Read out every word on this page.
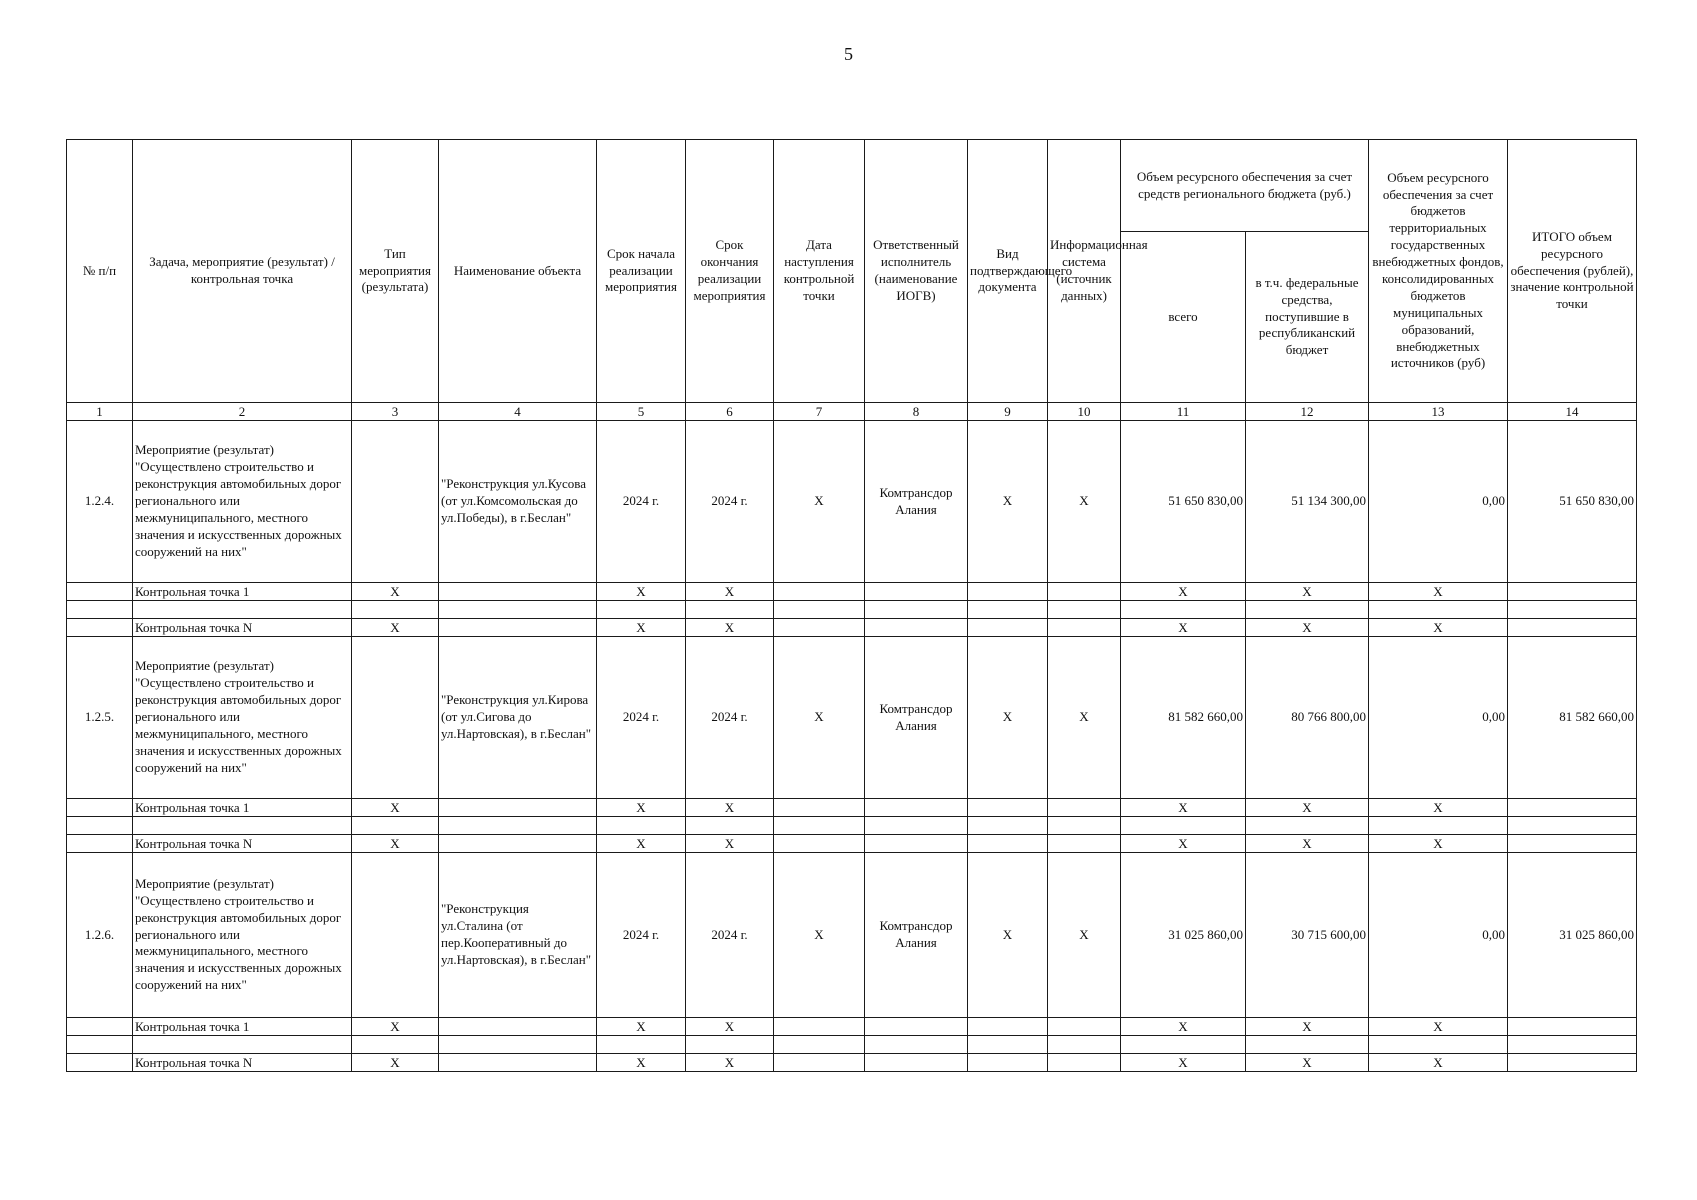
5
№ п/п	Задача, мероприятие (результат) / контрольная точка	Тип мероприятия (результата)	Наименование объекта	Срок начала реализации мероприятия	Срок окончания реализации мероприятия	Дата наступления контрольной точки	Ответственный исполнитель (наименование ИОГВ)	Вид подтверждающего документа	Информационная система (источник данных)	Объем ресурсного обеспечения за счет средств регионального бюджета (руб.)		Объем ресурсного обеспечения за счет бюджетов территориальных государственных внебюджетных фондов, консолидированных бюджетов муниципальных образований, внебюджетных источников (руб)	ИТОГО объем ресурсного обеспечения (рублей), значение контрольной точки
										всего	в т.ч. федеральные средства, поступившие в республиканский бюджет		
1	2	3	4	5	6	7	8	9	10	11	12	13	14
1.2.4.	Мероприятие (результат) "Осуществлено строительство и реконструкция автомобильных дорог регионального или межмуниципального, местного значения и искусственных дорожных сооружений на них"		"Реконструкция ул.Кусова (от ул.Комсомольская до ул.Победы), в г.Беслан"	2024 г.	2024 г.	X	Комтрансдор Алания	X	X	51 650 830,00	51 134 300,00	0,00	51 650 830,00
	Контрольная точка 1	X		X	X					X	X	X	

	Контрольная точка N	X		X	X					X	X	X	
1.2.5.	Мероприятие (результат) "Осуществлено строительство и реконструкция автомобильных дорог регионального или межмуниципального, местного значения и искусственных дорожных сооружений на них"		"Реконструкция ул.Кирова (от ул.Сигова до ул.Нартовская), в г.Беслан"	2024 г.	2024 г.	X	Комтрансдор Алания	X	X	81 582 660,00	80 766 800,00	0,00	81 582 660,00
	Контрольная точка 1	X		X	X					X	X	X	

	Контрольная точка N	X		X	X					X	X	X	
1.2.6.	Мероприятие (результат) "Осуществлено строительство и реконструкция автомобильных дорог регионального или межмуниципального, местного значения и искусственных дорожных сооружений на них"		"Реконструкция ул.Сталина (от пер.Кооперативный до ул.Нартовская), в г.Беслан"	2024 г.	2024 г.	X	Комтрансдор Алания	X	X	31 025 860,00	30 715 600,00	0,00	31 025 860,00
	Контрольная точка 1	X		X	X					X	X	X	

	Контрольная точка N	X		X	X					X	X	X	
